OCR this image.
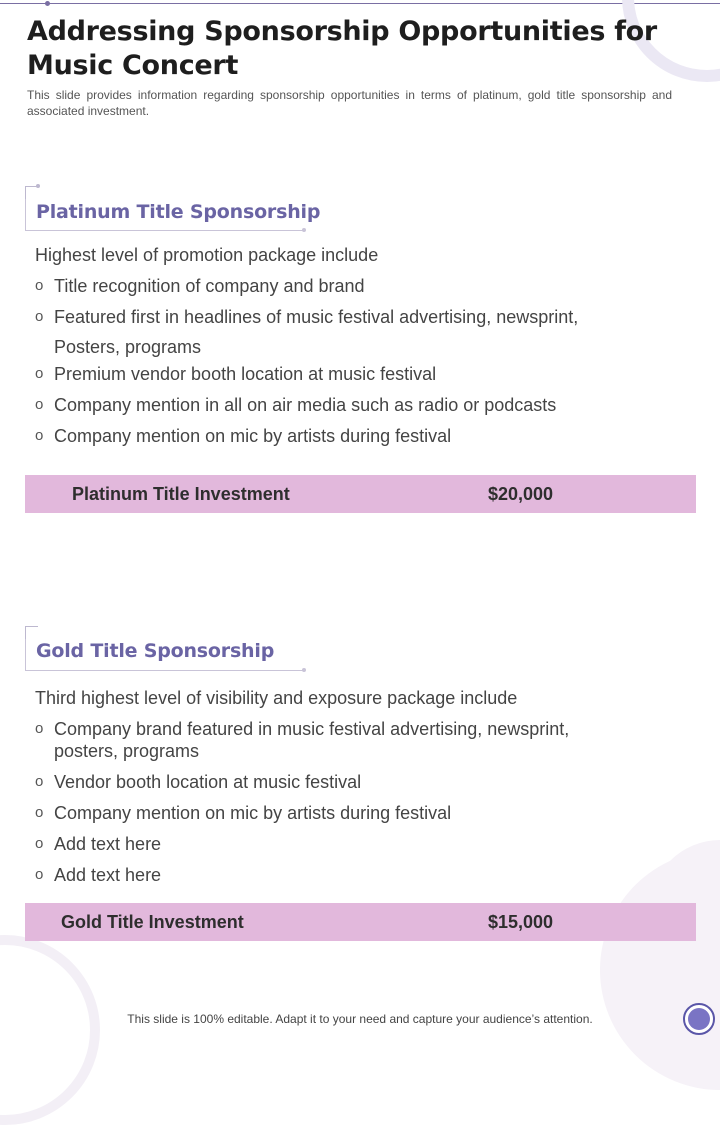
Addressing Sponsorship Opportunities for Music Concert

This slide provides information regarding sponsorship opportunities in terms of platinum, gold title sponsorship and associated investment.

Platinum Title Sponsorship
Highest level of promotion package include
o Title recognition of company and brand
o Featured first in headlines of music festival advertising, newsprint, Posters, programs
o Premium vendor booth location at music festival
o Company mention in all on air media such as radio or podcasts
o Company mention on mic by artists during festival
Platinum Title Investment	$20,000
Gold Title Sponsorship
Third highest level of visibility and exposure package include
o Company brand featured in music festival advertising, newsprint, posters, programs
o Vendor booth location at music festival
o Company mention on mic by artists during festival
o Add text here
o Add text here
Gold Title Investment	$15,000
This slide is 100% editable. Adapt it to your need and capture your audience’s attention.
